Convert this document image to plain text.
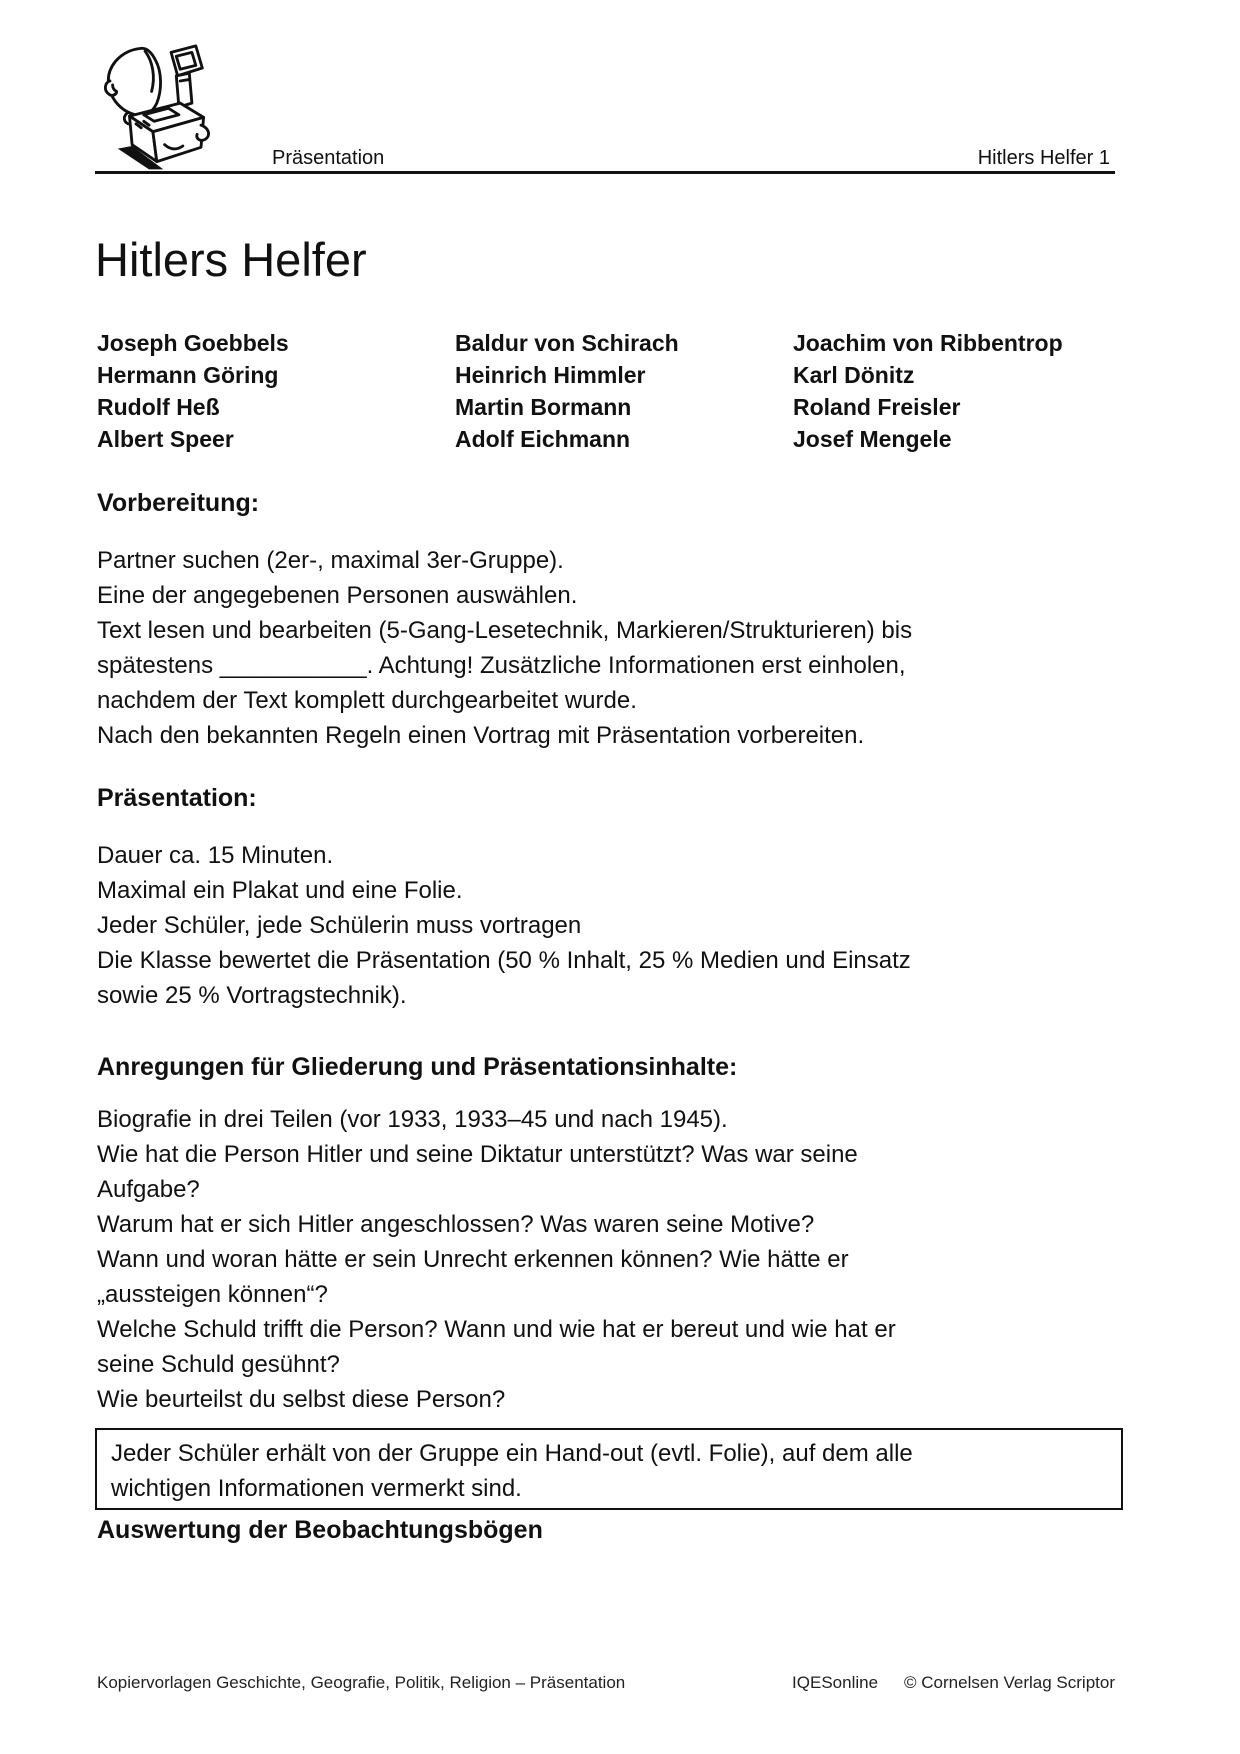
Präsentation	Hitlers Helfer 1
Hitlers Helfer
Joseph Goebbels
Hermann Göring
Rudolf Heß
Albert Speer
Baldur von Schirach
Heinrich Himmler
Martin Bormann
Adolf Eichmann
Joachim von Ribbentrop
Karl Dönitz
Roland Freisler
Josef Mengele
Vorbereitung:
Partner suchen (2er-, maximal 3er-Gruppe).
Eine der angegebenen Personen auswählen.
Text lesen und bearbeiten (5-Gang-Lesetechnik, Markieren/Strukturieren) bis
spätestens ___________. Achtung! Zusätzliche Informationen erst einholen,
nachdem der Text komplett durchgearbeitet wurde.
Nach den bekannten Regeln einen Vortrag mit Präsentation vorbereiten.
Präsentation:
Dauer ca. 15 Minuten.
Maximal ein Plakat und eine Folie.
Jeder Schüler, jede Schülerin muss vortragen
Die Klasse bewertet die Präsentation (50 % Inhalt, 25 % Medien und Einsatz
sowie 25 % Vortragstechnik).
Anregungen für Gliederung und Präsentationsinhalte:
Biografie in drei Teilen (vor 1933, 1933–45 und nach 1945).
Wie hat die Person Hitler und seine Diktatur unterstützt? Was war seine
Aufgabe?
Warum hat er sich Hitler angeschlossen? Was waren seine Motive?
Wann und woran hätte er sein Unrecht erkennen können? Wie hätte er
„aussteigen können“?
Welche Schuld trifft die Person? Wann und wie hat er bereut und wie hat er
seine Schuld gesühnt?
Wie beurteilst du selbst diese Person?
Jeder Schüler erhält von der Gruppe ein Hand-out (evtl. Folie), auf dem alle
wichtigen Informationen vermerkt sind.
Auswertung der Beobachtungsbögen
Kopiervorlagen Geschichte, Geografie, Politik, Religion – Präsentation	IQESonline © Cornelsen Verlag Scriptor
